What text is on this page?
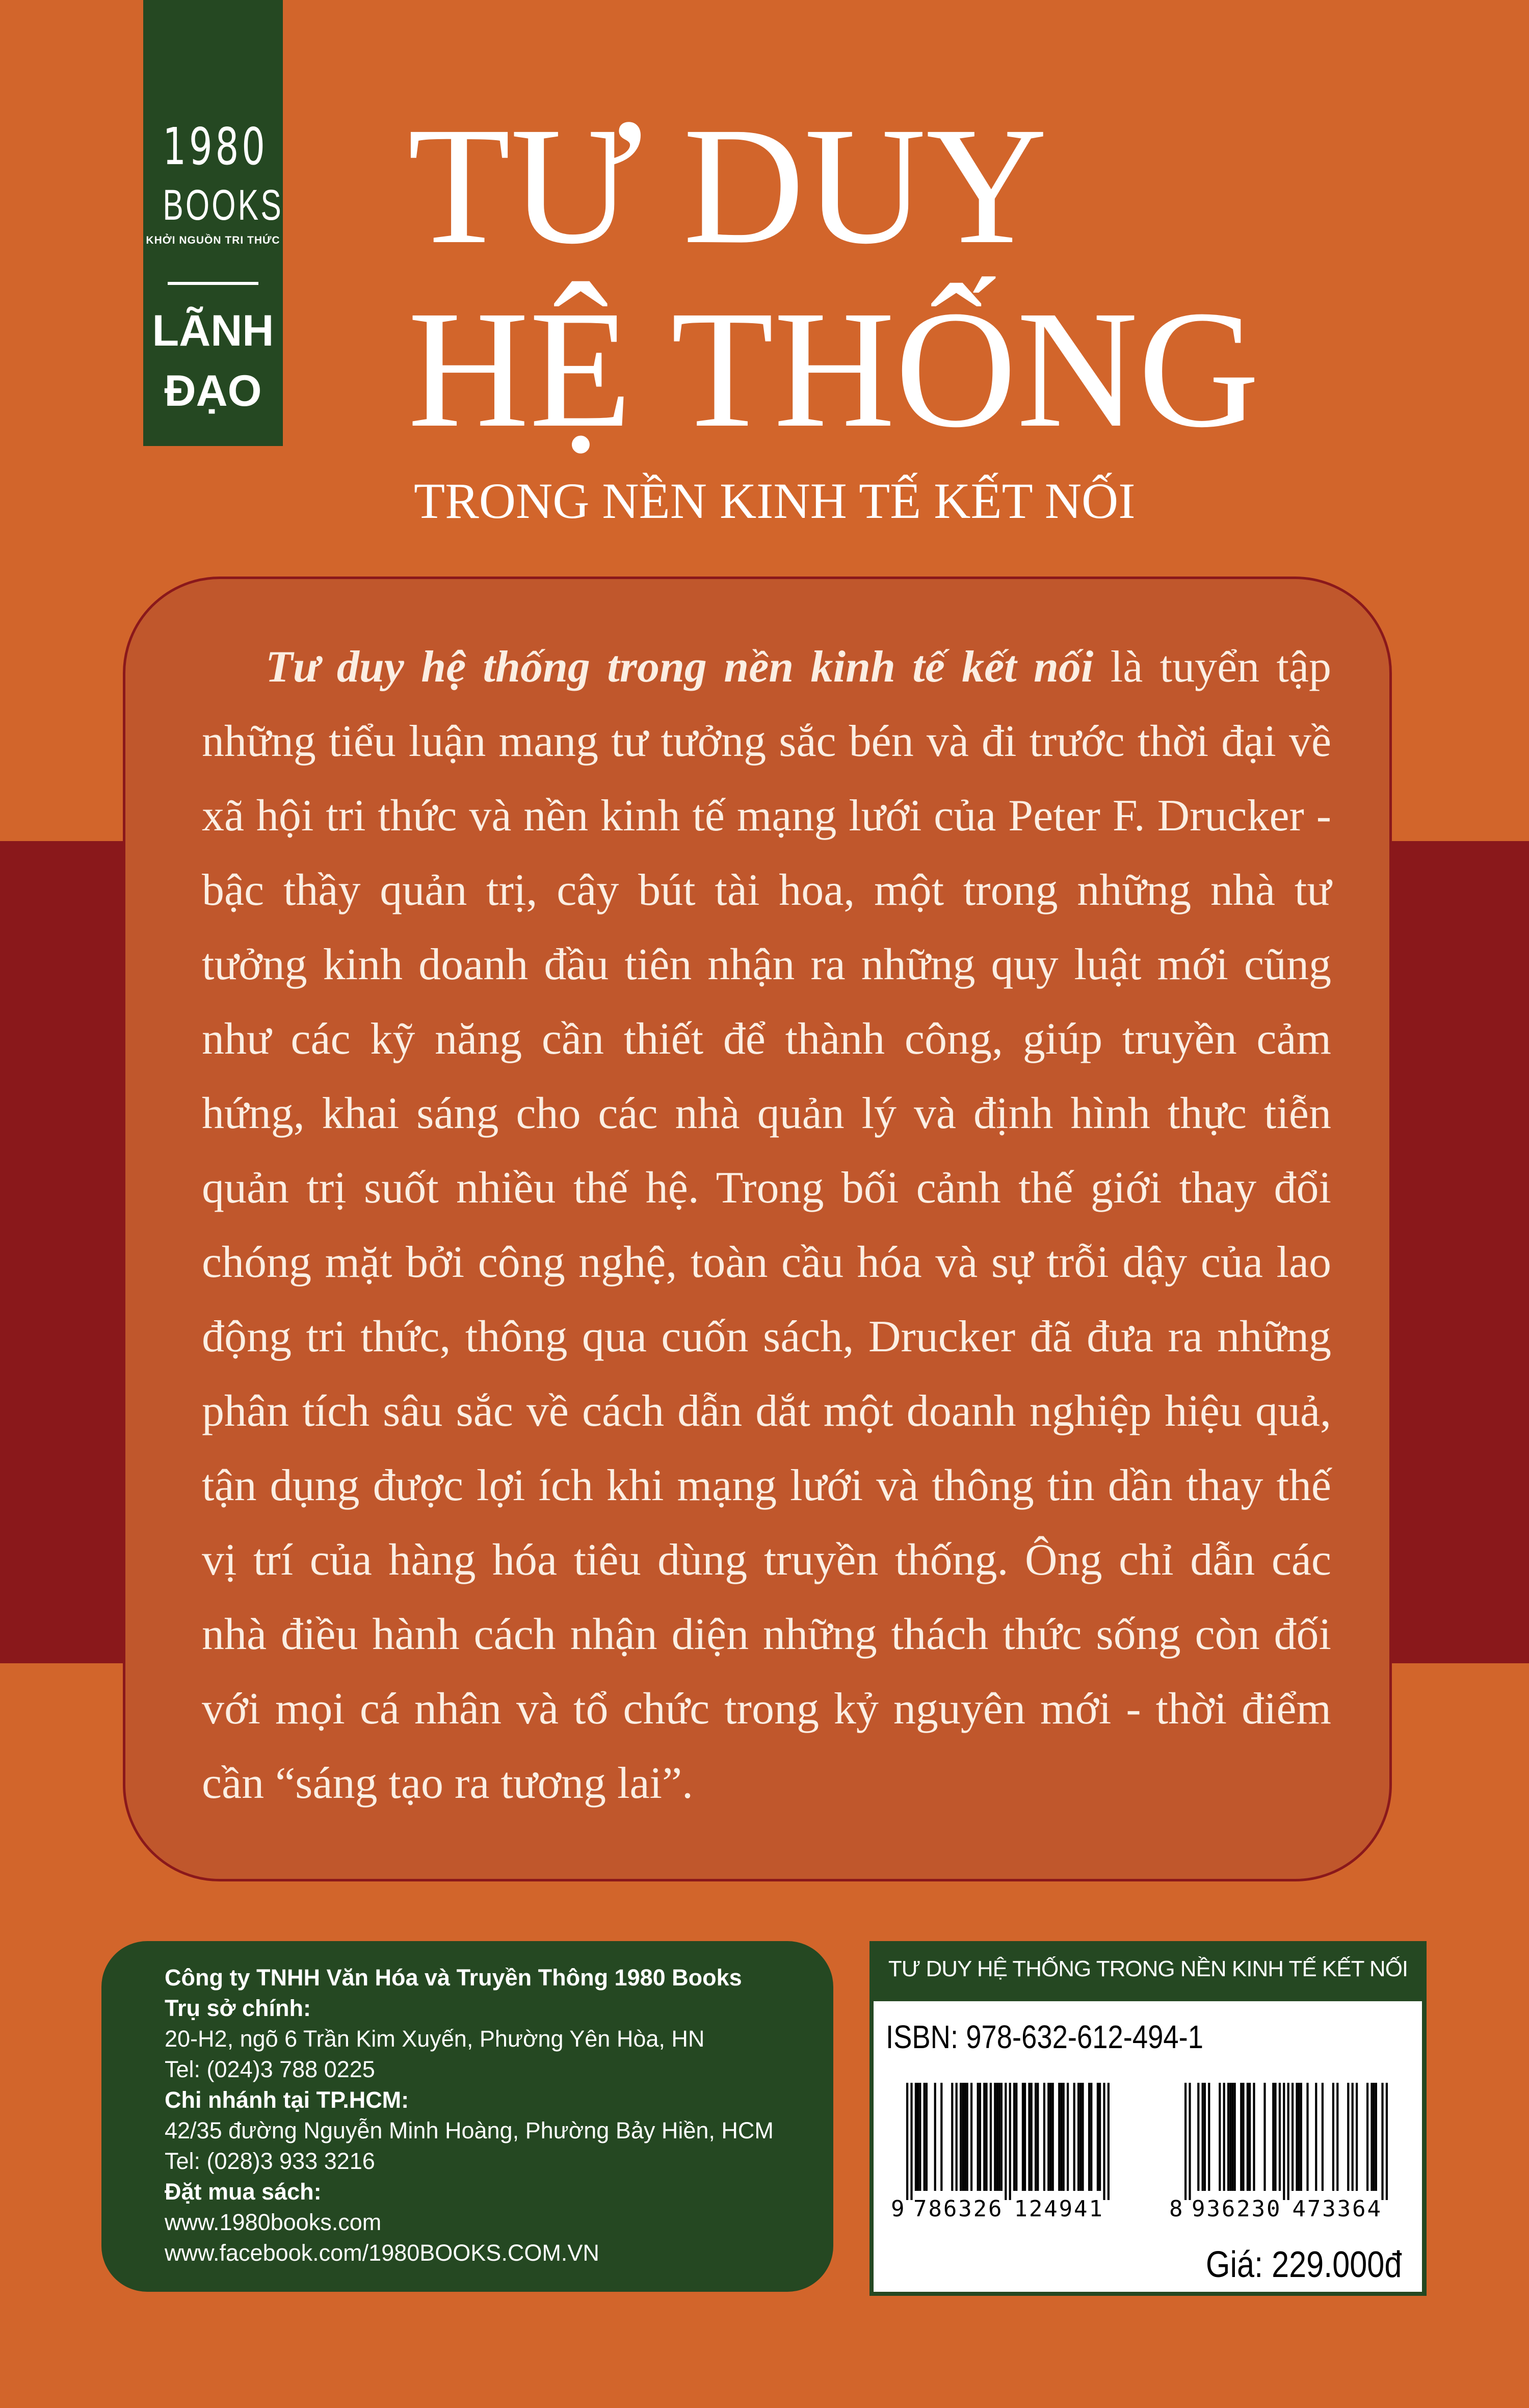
1980
BOOKS
KHỞI NGUỒN TRI THỨC
LÃNH
ĐẠO
TƯ DUY
HỆ THỐNG
TRONG NỀN KINH TẾ KẾT NỐI

Tư duy hệ thống trong nền kinh tế kết nối là tuyển tập những tiểu luận mang tư tưởng sắc bén và đi trước thời đại về xã hội tri thức và nền kinh tế mạng lưới của Peter F. Drucker - bậc thầy quản trị, cây bút tài hoa, một trong những nhà tư tưởng kinh doanh đầu tiên nhận ra những quy luật mới cũng như các kỹ năng cần thiết để thành công, giúp truyền cảm hứng, khai sáng cho các nhà quản lý và định hình thực tiễn quản trị suốt nhiều thế hệ. Trong bối cảnh thế giới thay đổi chóng mặt bởi công nghệ, toàn cầu hóa và sự trỗi dậy của lao động tri thức, thông qua cuốn sách, Drucker đã đưa ra những phân tích sâu sắc về cách dẫn dắt một doanh nghiệp hiệu quả, tận dụng được lợi ích khi mạng lưới và thông tin dần thay thế vị trí của hàng hóa tiêu dùng truyền thống. Ông chỉ dẫn các nhà điều hành cách nhận diện những thách thức sống còn đối với mọi cá nhân và tổ chức trong kỷ nguyên mới - thời điểm cần “sáng tạo ra tương lai”.

Công ty TNHH Văn Hóa và Truyền Thông 1980 Books
Trụ sở chính:
20-H2, ngõ 6 Trần Kim Xuyến, Phường Yên Hòa, HN
Tel: (024)3 788 0225
Chi nhánh tại TP.HCM:
42/35 đường Nguyễn Minh Hoàng, Phường Bảy Hiền, HCM
Tel: (028)3 933 3216
Đặt mua sách:
www.1980books.com
www.facebook.com/1980BOOKS.COM.VN
TƯ DUY HỆ THỐNG TRONG NỀN KINH TẾ KẾT NỐI
ISBN: 978-632-612-494-1
9 7 8 6 3 2 6 1 2 4 9 4 1	8 9 3 6 2 3 0 4 7 3 3 6 4
Giá: 229.000đ
